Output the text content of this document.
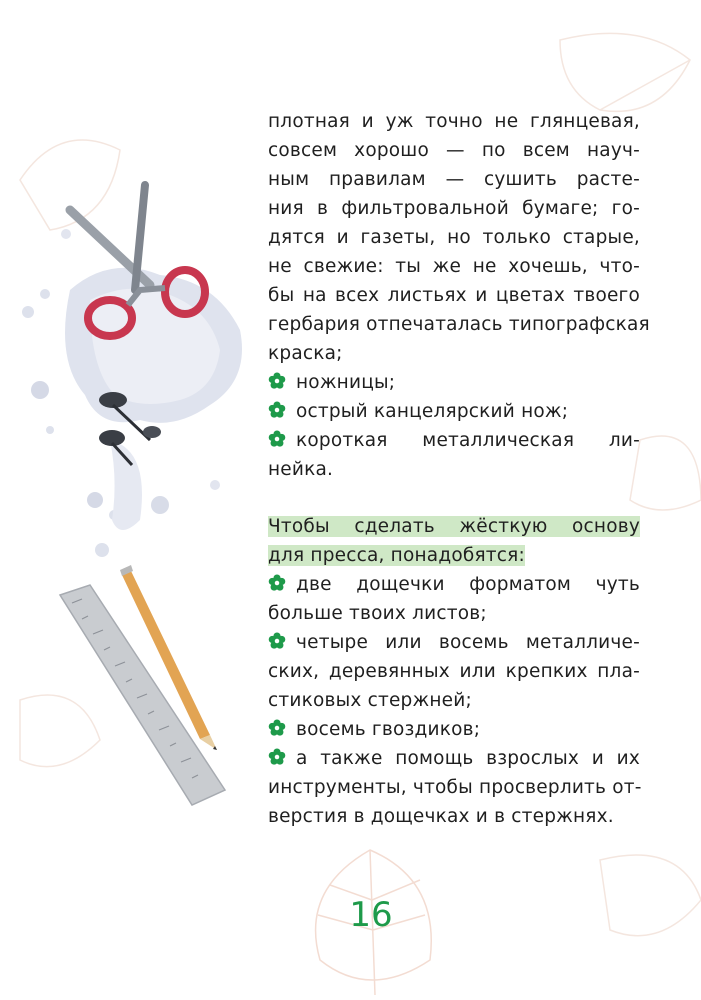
плотная и уж точно не глянцевая,
совсем хорошо — по всем науч-
ным правилам — сушить расте-
ния в фильтровальной бумаге; го-
дятся и газеты, но только старые,
не свежие: ты же не хочешь, что-
бы на всех листьях и цветах твоего
гербария отпечаталась типографская
краска;
ножницы;
острый канцелярский нож;
короткая металлическая ли-
нейка.
Чтобы сделать жёсткую основу
для пресса, понадобятся:
две дощечки форматом чуть
больше твоих листов;
четыре или восемь металличе-
ских, деревянных или крепких пла-
стиковых стержней;
восемь гвоздиков;
а также помощь взрослых и их
инструменты, чтобы просверлить от-
верстия в дощечках и в стержнях.
16
